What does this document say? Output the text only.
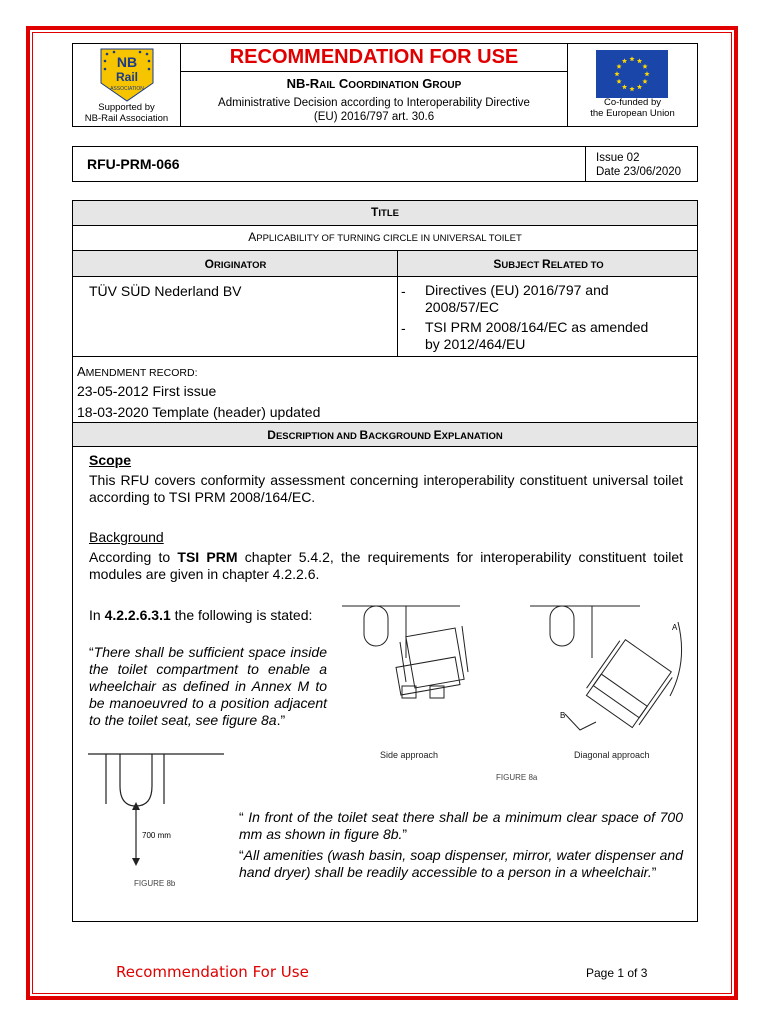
NB
Rail
ASSOCIATION
Supported by
NB-Rail Association
RECOMMENDATION FOR USE
NB-RAIL COORDINATION GROUP
Administrative Decision according to Interoperability Directive
(EU) 2016/797 art. 30.6
Co-funded by
the European Union
RFU-PRM-066	Issue 02
Date 23/06/2020
TITLE
APPLICABILITY OF TURNING CIRCLE IN UNIVERSAL TOILET
ORIGINATOR	SUBJECT RELATED TO
TÜV SÜD Nederland BV	- Directives (EU) 2016/797 and
2008/57/EC
- TSI PRM 2008/164/EC as amended
by 2012/464/EU
AMENDMENT RECORD:
23-05-2012 First issue
18-03-2020 Template (header) updated
DESCRIPTION AND BACKGROUND EXPLANATION
Scope
This RFU covers conformity assessment concerning interoperability constituent universal toilet according to TSI PRM 2008/164/EC.
Background
According to TSI PRM chapter 5.4.2, the requirements for interoperability constituent toilet modules are given in chapter 4.2.2.6.
In 4.2.2.6.3.1 the following is stated:
“There shall be sufficient space inside the toilet compartment to enable a wheelchair as defined in Annex M to be manoeuvred to a position adjacent to the toilet seat, see figure 8a.”
“ In front of the toilet seat there shall be a minimum clear space of 700 mm as shown in figure 8b.”
“All amenities (wash basin, soap dispenser, mirror, water dispenser and hand dryer) shall be readily accessible to a person in a wheelchair.”
A
B
Side approach	Diagonal approach
FIGURE 8a
700 mm
FIGURE 8b
Recommendation For Use	Page 1 of 3
